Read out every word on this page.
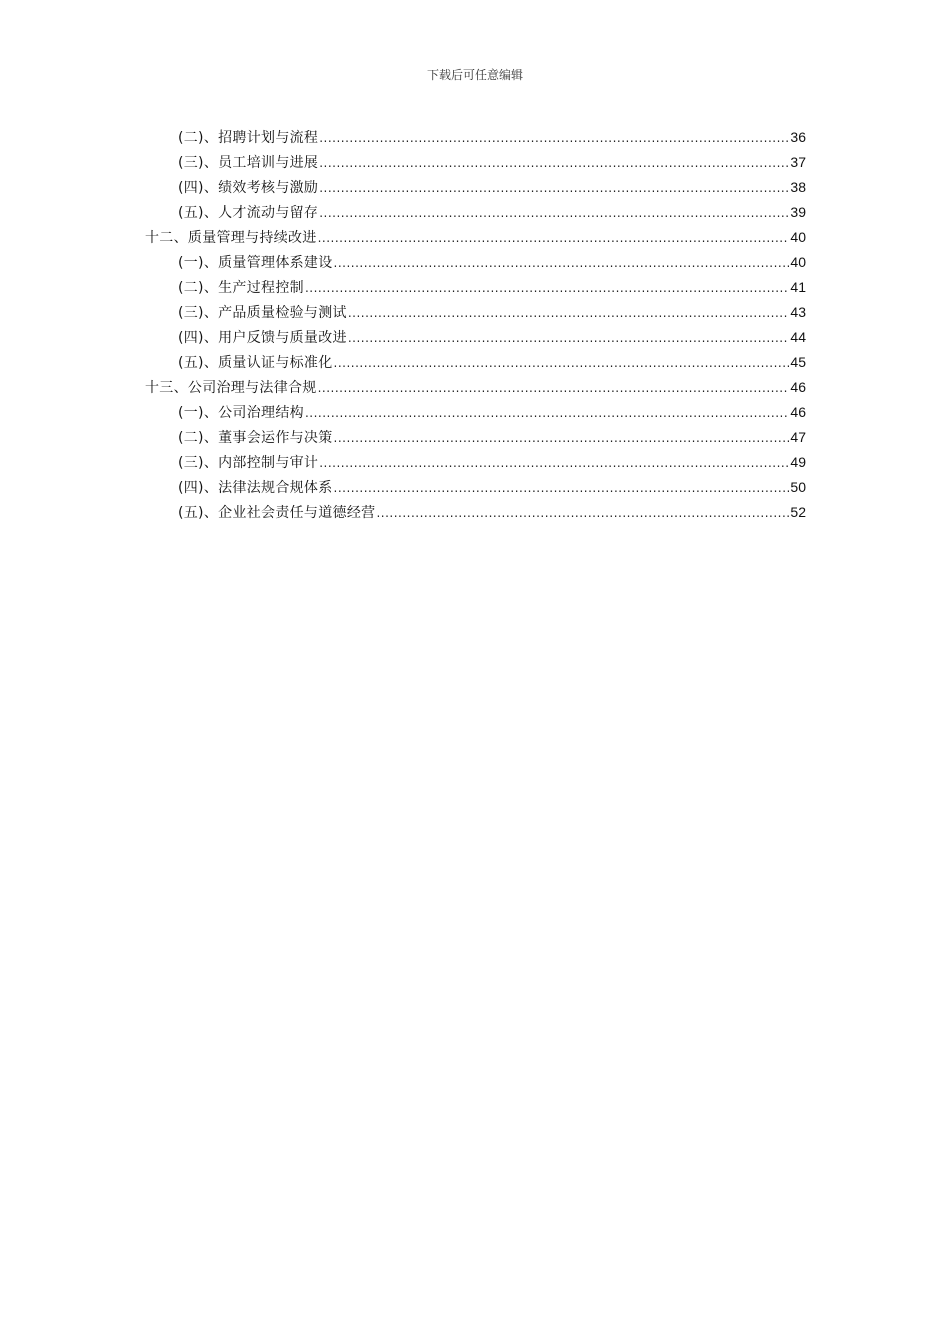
下载后可任意编辑
(二)、招聘计划与流程 .....	36
(三)、员工培训与进展 .....	37
(四)、绩效考核与激励 .....	38
(五)、人才流动与留存 .....	39
十二、质量管理与持续改进 .....	40
(一)、质量管理体系建设 .....	40
(二)、生产过程控制 .....	41
(三)、产品质量检验与测试 .....	43
(四)、用户反馈与质量改进 .....	44
(五)、质量认证与标准化 .....	45
十三、公司治理与法律合规 .....	46
(一)、公司治理结构 .....	46
(二)、董事会运作与决策 .....	47
(三)、内部控制与审计 .....	49
(四)、法律法规合规体系 .....	50
(五)、企业社会责任与道德经营 .....	52
